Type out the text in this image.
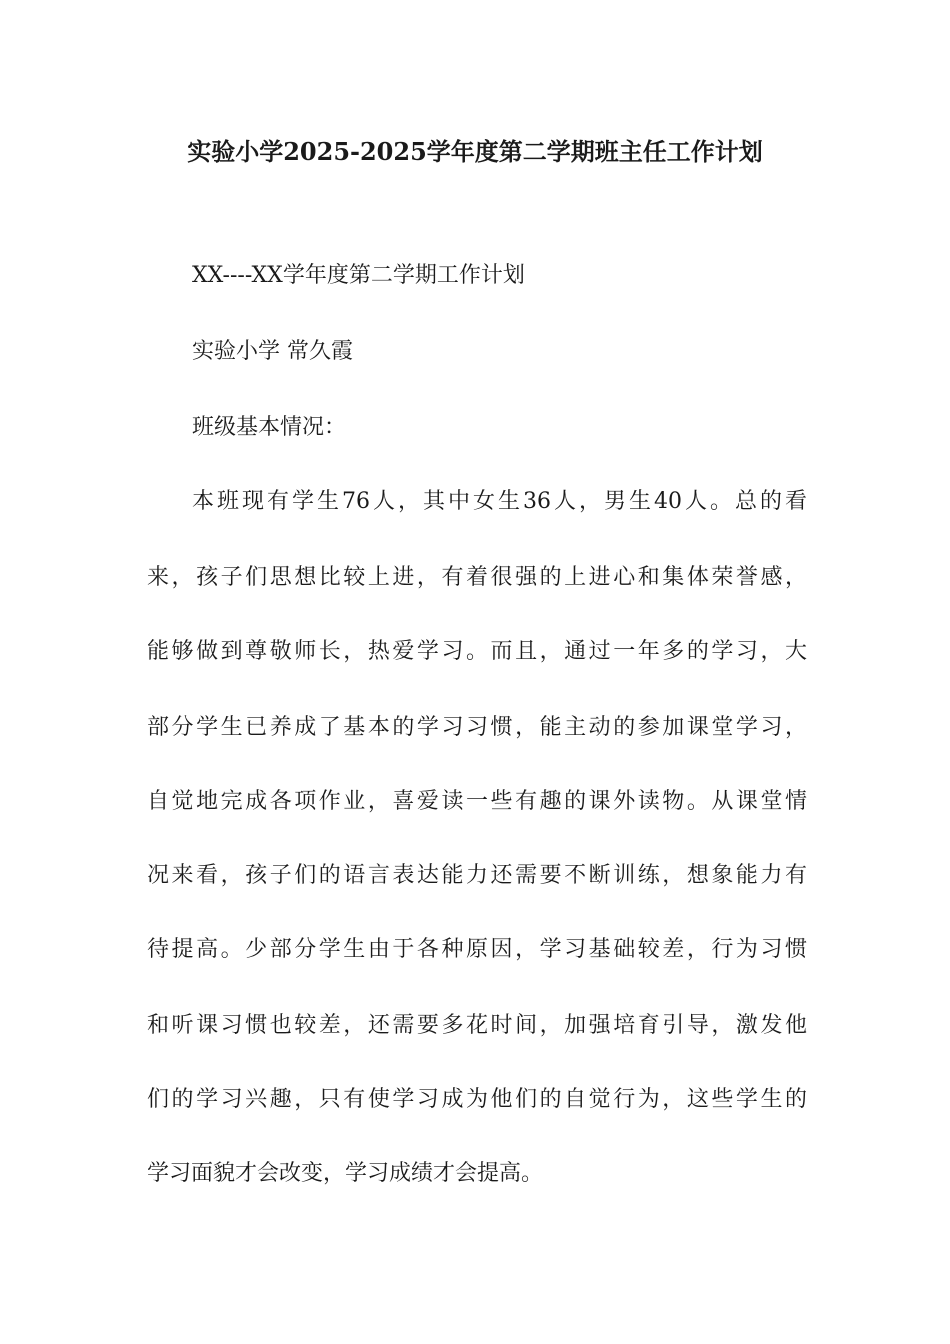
实验小学2025-2025学年度第二学期班主任工作计划
XX----XX学年度第二学期工作计划
实验小学 常久霞
班级基本情况：
本班现有学生76人，其中女生36人，男生40人。总的看
来，孩子们思想比较上进，有着很强的上进心和集体荣誉感，
能够做到尊敬师长，热爱学习。而且，通过一年多的学习，大
部分学生已养成了基本的学习习惯，能主动的参加课堂学习，
自觉地完成各项作业，喜爱读一些有趣的课外读物。从课堂情
况来看，孩子们的语言表达能力还需要不断训练，想象能力有
待提高。少部分学生由于各种原因，学习基础较差，行为习惯
和听课习惯也较差，还需要多花时间，加强培育引导，激发他
们的学习兴趣，只有使学习成为他们的自觉行为，这些学生的
学习面貌才会改变，学习成绩才会提高。
